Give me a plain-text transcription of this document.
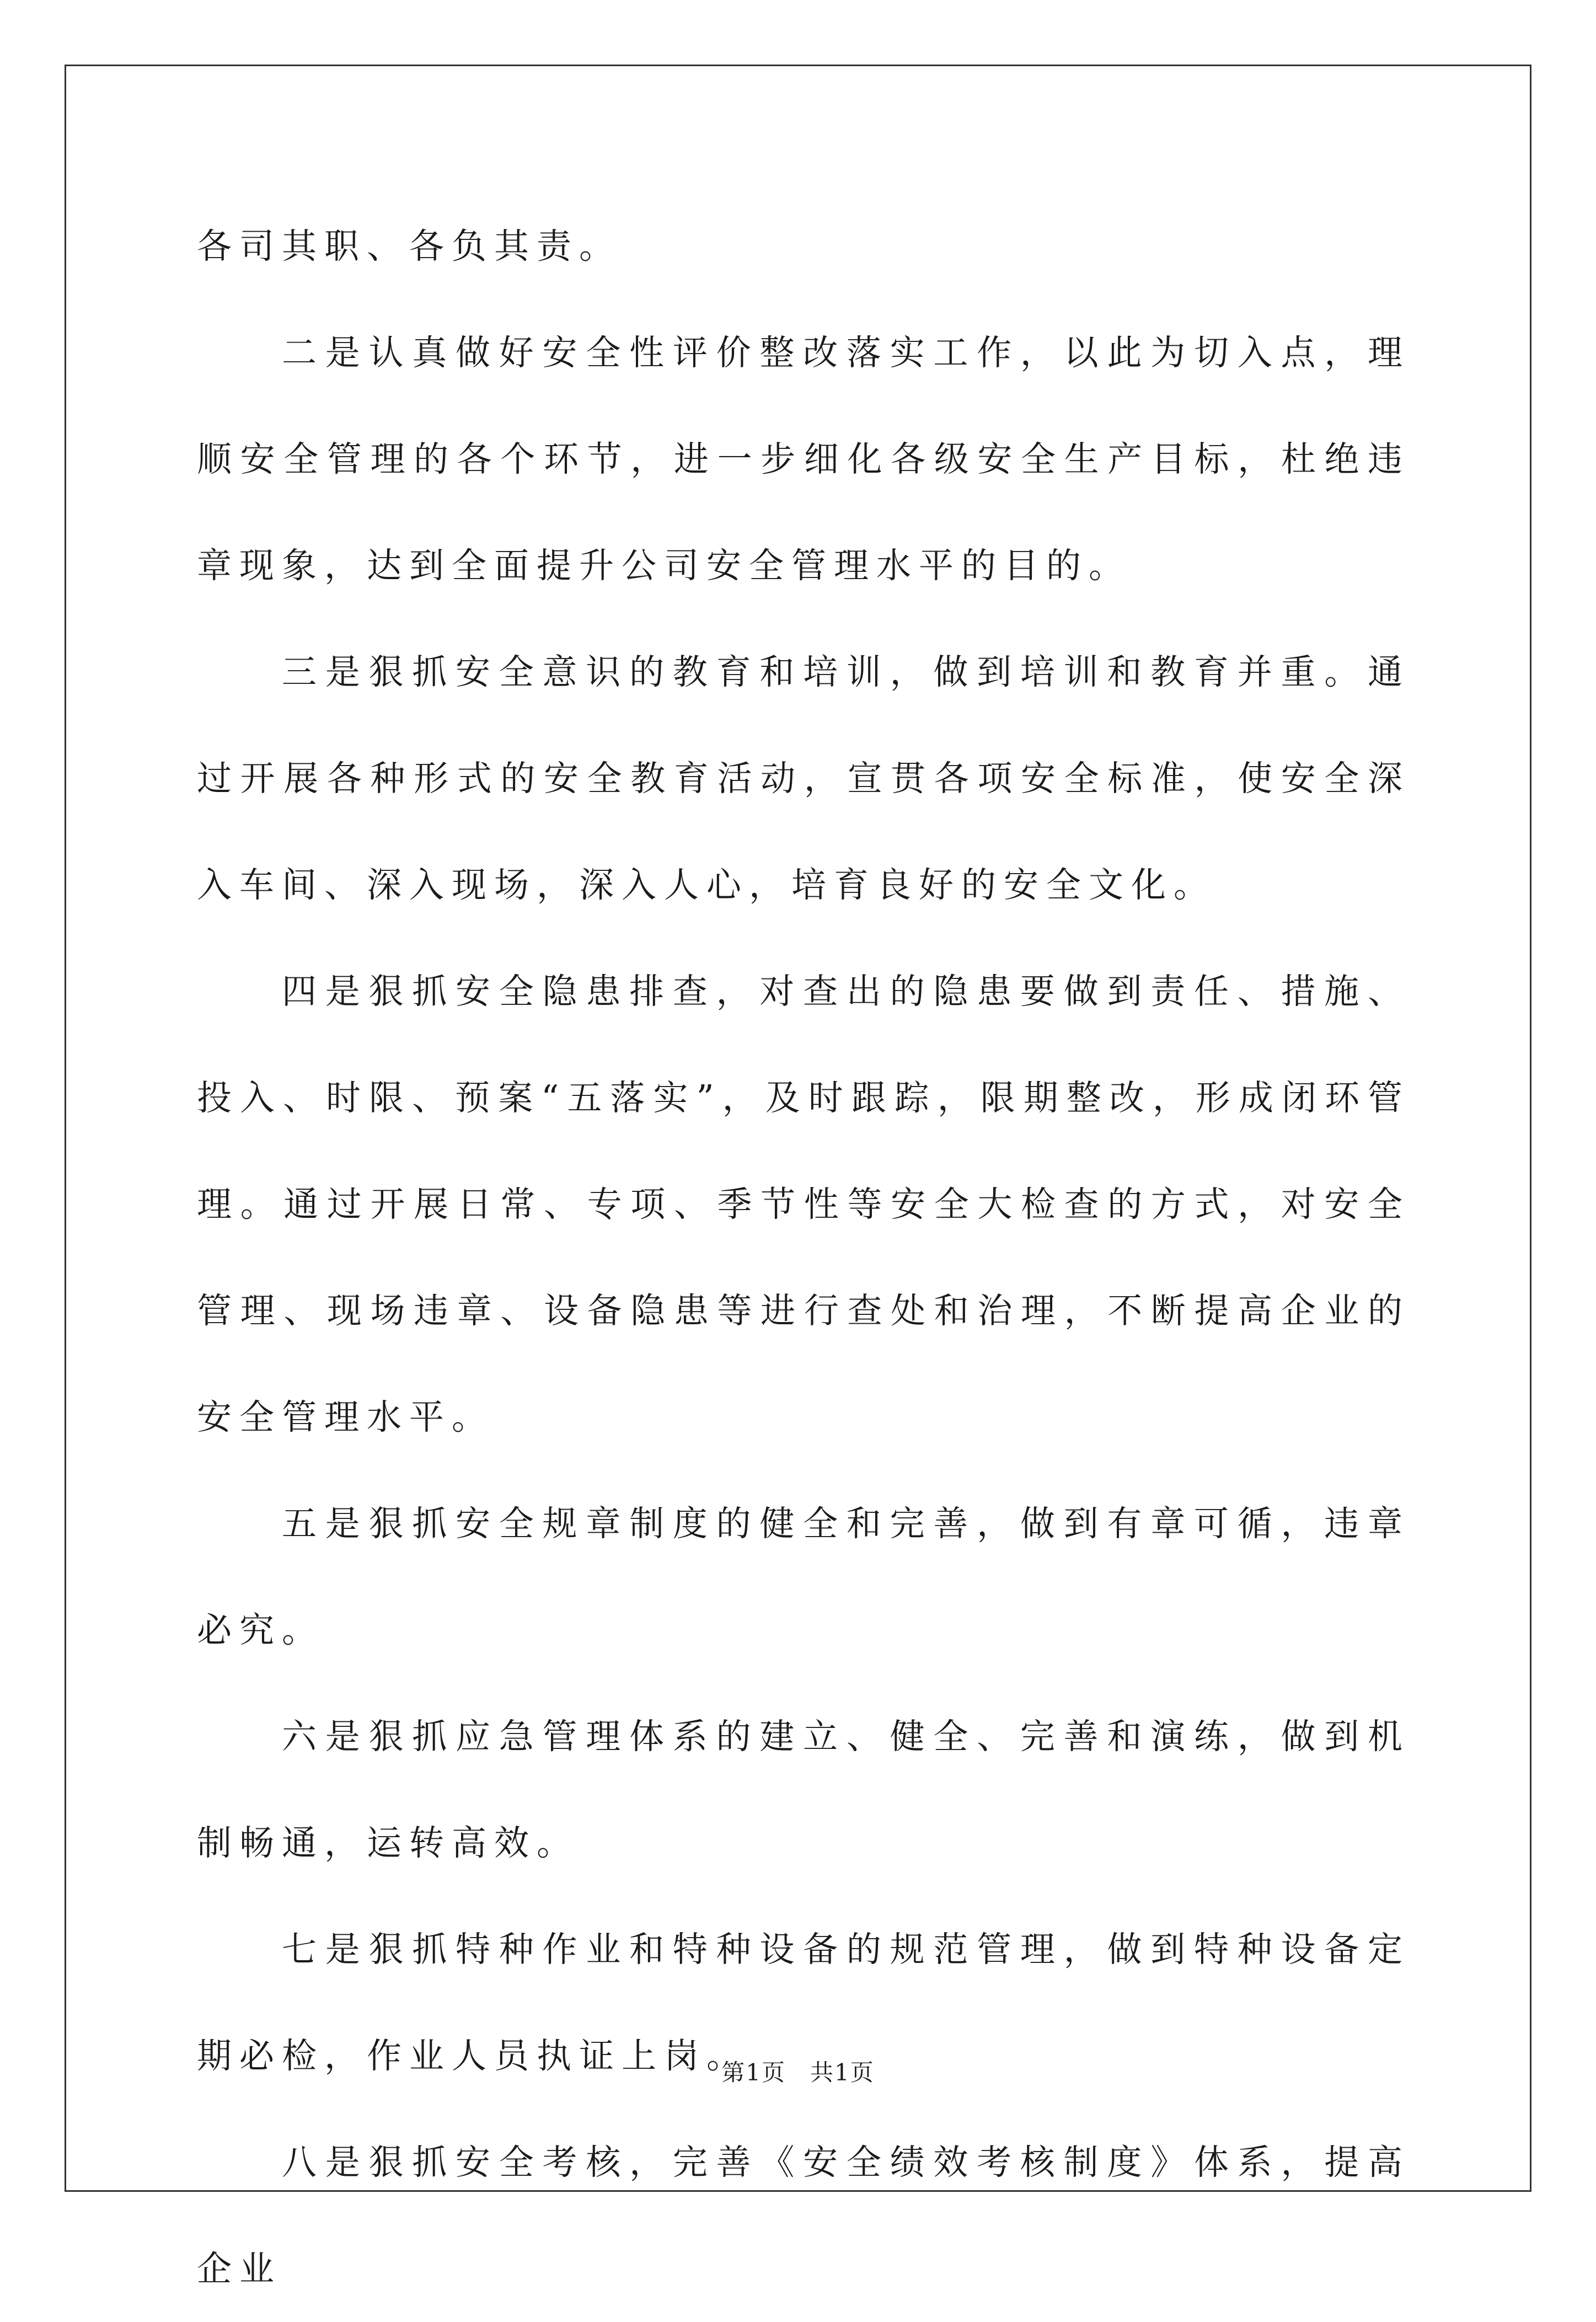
各司其职、各负其责。

二是认真做好安全性评价整改落实工作，以此为切入点，理顺安全管理的各个环节，进一步细化各级安全生产目标，杜绝违章现象，达到全面提升公司安全管理水平的目的。

三是狠抓安全意识的教育和培训，做到培训和教育并重。通过开展各种形式的安全教育活动，宣贯各项安全标准，使安全深入车间、深入现场，深入人心，培育良好的安全文化。

四是狠抓安全隐患排查，对查出的隐患要做到责任、措施、投入、时限、预案“五落实”，及时跟踪，限期整改，形成闭环管理。通过开展日常、专项、季节性等安全大检查的方式，对安全管理、现场违章、设备隐患等进行查处和治理，不断提高企业的安全管理水平。

五是狠抓安全规章制度的健全和完善，做到有章可循，违章必究。

六是狠抓应急管理体系的建立、健全、完善和演练，做到机制畅通，运转高效。

七是狠抓特种作业和特种设备的规范管理，做到特种设备定期必检，作业人员执证上岗。

八是狠抓安全考核，完善《安全绩效考核制度》体系，提高企业

第1页　共1页
